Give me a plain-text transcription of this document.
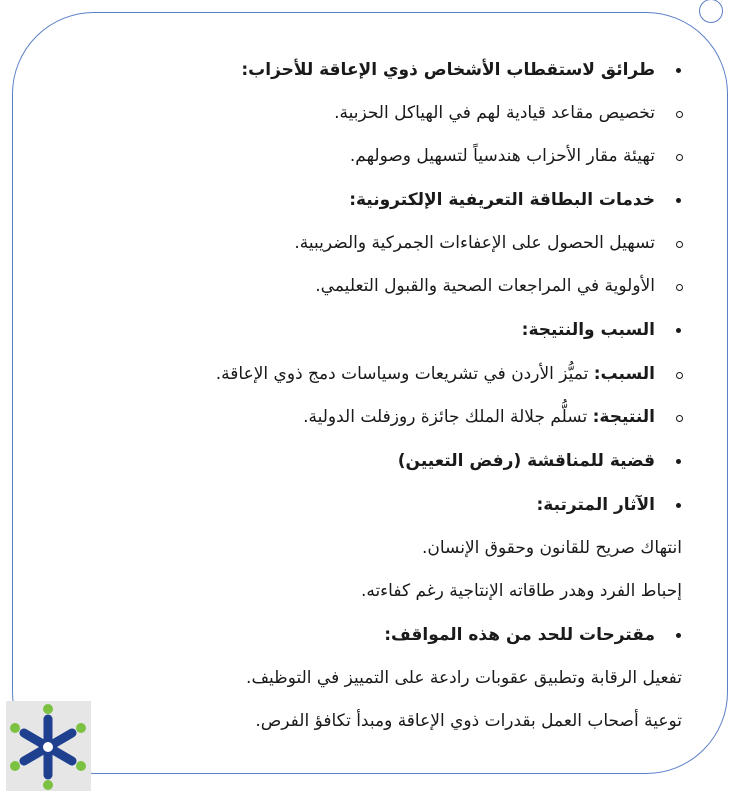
طرائق لاستقطاب الأشخاص ذوي الإعاقة للأحزاب:
تخصيص مقاعد قيادية لهم في الهياكل الحزبية.
تهيئة مقار الأحزاب هندسياً لتسهيل وصولهم.
خدمات البطاقة التعريفية الإلكترونية:
تسهيل الحصول على الإعفاءات الجمركية والضريبية.
الأولوية في المراجعات الصحية والقبول التعليمي.
السبب والنتيجة:
السبب: تميُّز الأردن في تشريعات وسياسات دمج ذوي الإعاقة.
النتيجة: تسلُّم جلالة الملك جائزة روزفلت الدولية.
قضية للمناقشة (رفض التعيين)
الآثار المترتبة:
انتهاك صريح للقانون وحقوق الإنسان.
إحباط الفرد وهدر طاقاته الإنتاجية رغم كفاءته.
مقترحات للحد من هذه المواقف:
تفعيل الرقابة وتطبيق عقوبات رادعة على التمييز في التوظيف.
توعية أصحاب العمل بقدرات ذوي الإعاقة ومبدأ تكافؤ الفرص.
